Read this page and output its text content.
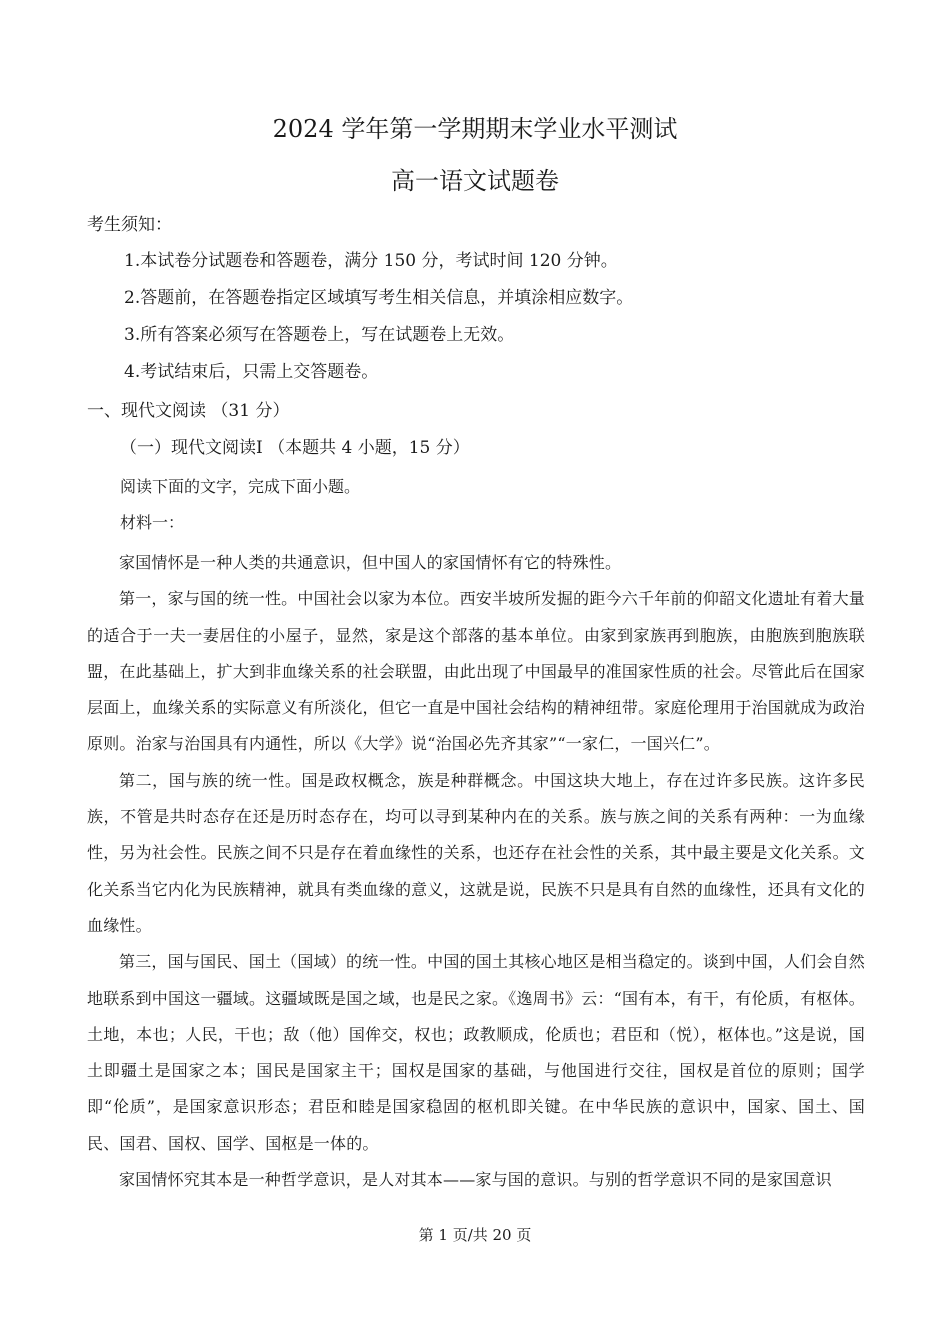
2024 学年第一学期期末学业水平测试
高一语文试题卷
考生须知：
1.本试卷分试题卷和答题卷，满分 150 分，考试时间 120 分钟。
2.答题前，在答题卷指定区域填写考生相关信息，并填涂相应数字。
3.所有答案必须写在答题卷上，写在试题卷上无效。
4.考试结束后，只需上交答题卷。
一、现代文阅读 （31 分）
（一）现代文阅读Ⅰ （本题共 4 小题，15 分）
阅读下面的文字，完成下面小题。
材料一：

家国情怀是一种人类的共通意识，但中国人的家国情怀有它的特殊性。

第一，家与国的统一性。中国社会以家为本位。西安半坡所发掘的距今六千年前的仰韶文化遗址有着大量的适合于一夫一妻居住的小屋子，显然，家是这个部落的基本单位。由家到家族再到胞族，由胞族到胞族联盟，在此基础上，扩大到非血缘关系的社会联盟，由此出现了中国最早的准国家性质的社会。尽管此后在国家层面上，血缘关系的实际意义有所淡化，但它一直是中国社会结构的精神纽带。家庭伦理用于治国就成为政治原则。治家与治国具有内通性，所以《大学》说“治国必先齐其家”“一家仁，一国兴仁”。

第二，国与族的统一性。国是政权概念，族是种群概念。中国这块大地上，存在过许多民族。这许多民族，不管是共时态存在还是历时态存在，均可以寻到某种内在的关系。族与族之间的关系有两种：一为血缘性，另为社会性。民族之间不只是存在着血缘性的关系，也还存在社会性的关系，其中最主要是文化关系。文化关系当它内化为民族精神，就具有类血缘的意义，这就是说，民族不只是具有自然的血缘性，还具有文化的血缘性。

第三，国与国民、国土（国域）的统一性。中国的国土其核心地区是相当稳定的。谈到中国，人们会自然地联系到中国这一疆域。这疆域既是国之域，也是民之家。《逸周书》云：“国有本，有干，有伦质，有枢体。土地，本也；人民，干也；敌（他）国侔交，权也；政教顺成，伦质也；君臣和（悦），枢体也。”这是说，国土即疆土是国家之本；国民是国家主干；国权是国家的基础，与他国进行交往，国权是首位的原则；国学即“伦质”，是国家意识形态；君臣和睦是国家稳固的枢机即关键。在中华民族的意识中，国家、国土、国民、国君、国权、国学、国枢是一体的。

家国情怀究其本是一种哲学意识，是人对其本——家与国的意识。与别的哲学意识不同的是家国意识

第 1 页/共 20 页
